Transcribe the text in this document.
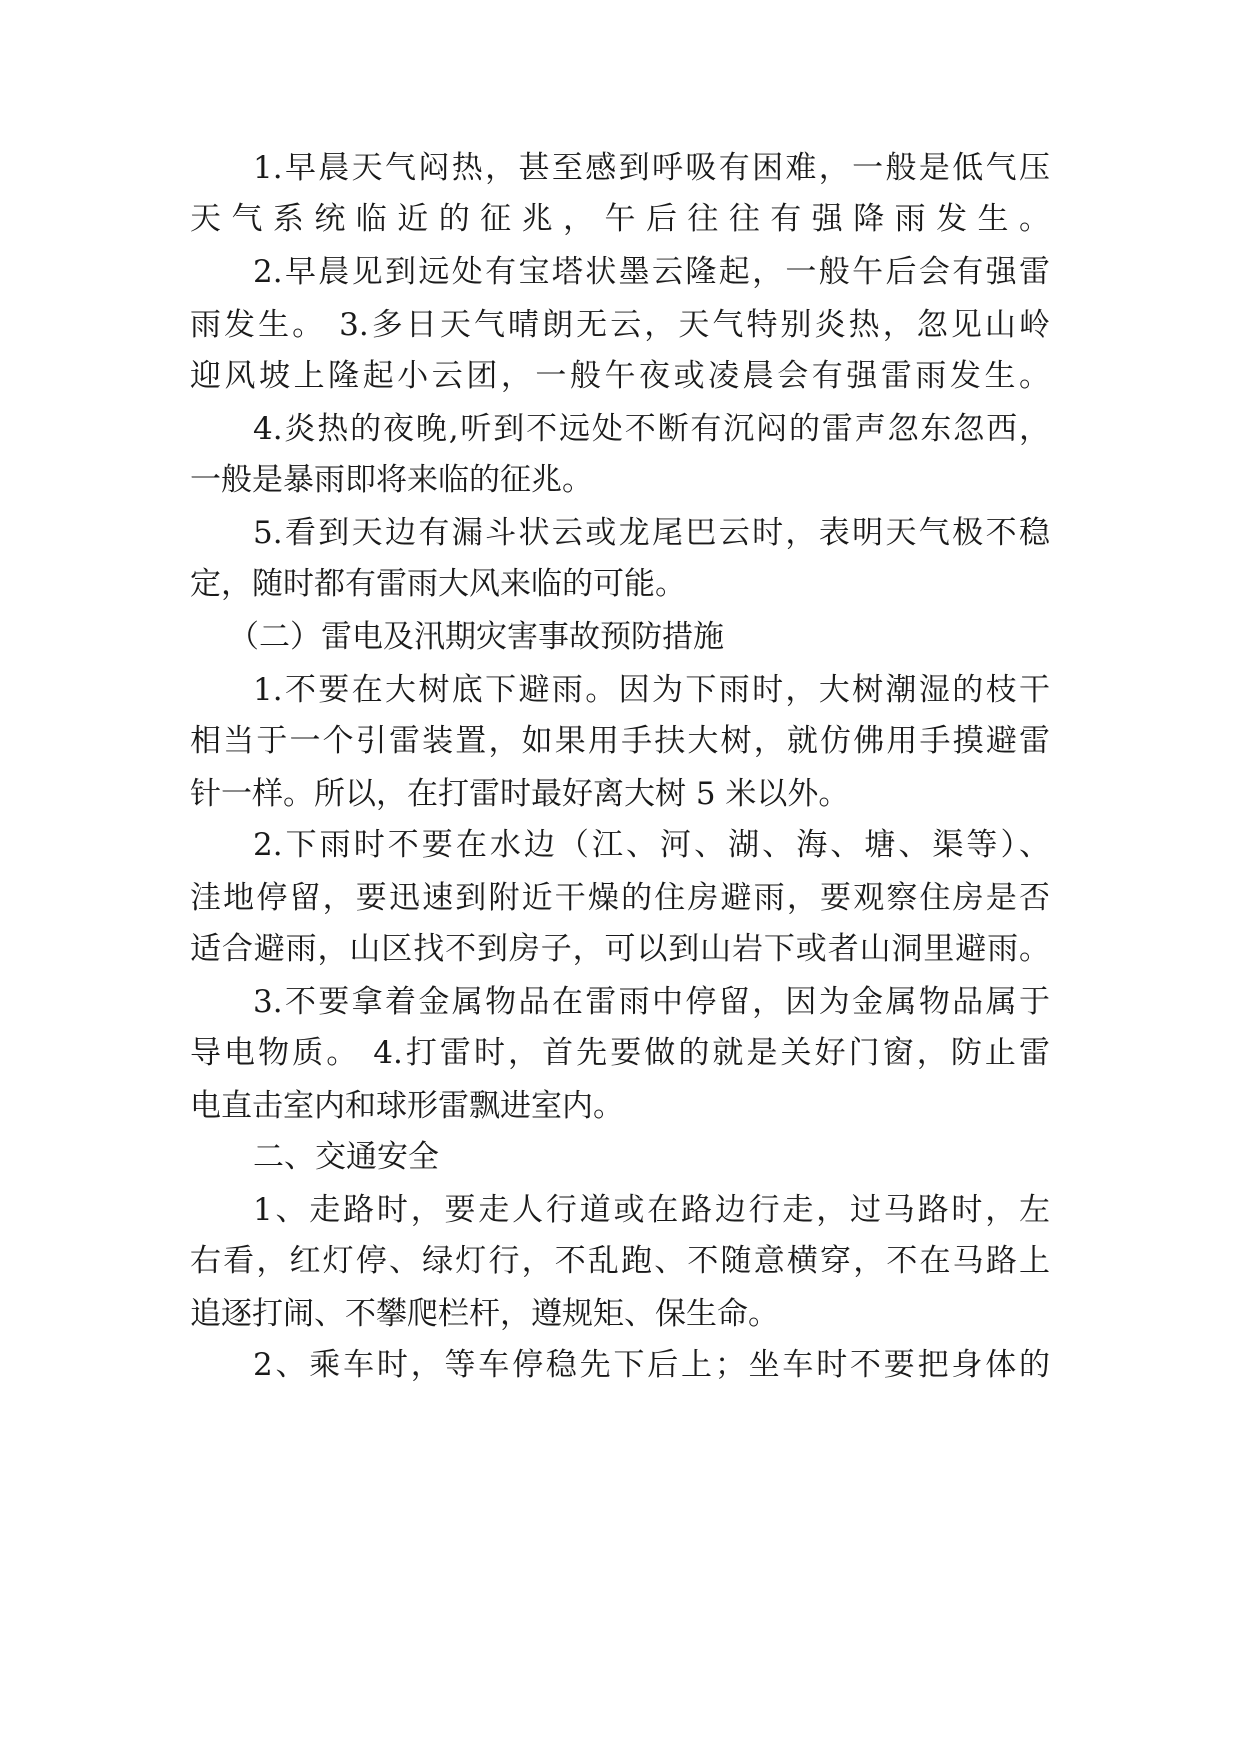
1.早晨天气闷热，甚至感到呼吸有困难，一般是低气压

天气系统临近的征兆，午后往往有强降雨发生。

2.早晨见到远处有宝塔状墨云隆起，一般午后会有强雷

雨发生。 3.多日天气晴朗无云，天气特别炎热，忽见山岭

迎风坡上隆起小云团，一般午夜或凌晨会有强雷雨发生。

4.炎热的夜晚,听到不远处不断有沉闷的雷声忽东忽西，

一般是暴雨即将来临的征兆。

5.看到天边有漏斗状云或龙尾巴云时，表明天气极不稳

定，随时都有雷雨大风来临的可能。

（二）雷电及汛期灾害事故预防措施

1.不要在大树底下避雨。因为下雨时，大树潮湿的枝干

相当于一个引雷装置，如果用手扶大树，就仿佛用手摸避雷

针一样。所以，在打雷时最好离大树 5 米以外。

2.下雨时不要在水边（江、河、湖、海、塘、渠等）、

洼地停留，要迅速到附近干燥的住房避雨，要观察住房是否

适合避雨，山区找不到房子，可以到山岩下或者山洞里避雨。

3.不要拿着金属物品在雷雨中停留，因为金属物品属于

导电物质。 4.打雷时，首先要做的就是关好门窗，防止雷

电直击室内和球形雷飘进室内。

二、交通安全

1、走路时，要走人行道或在路边行走，过马路时，左

右看，红灯停、绿灯行，不乱跑、不随意横穿，不在马路上

追逐打闹、不攀爬栏杆，遵规矩、保生命。

2、乘车时，等车停稳先下后上；坐车时不要把身体的
